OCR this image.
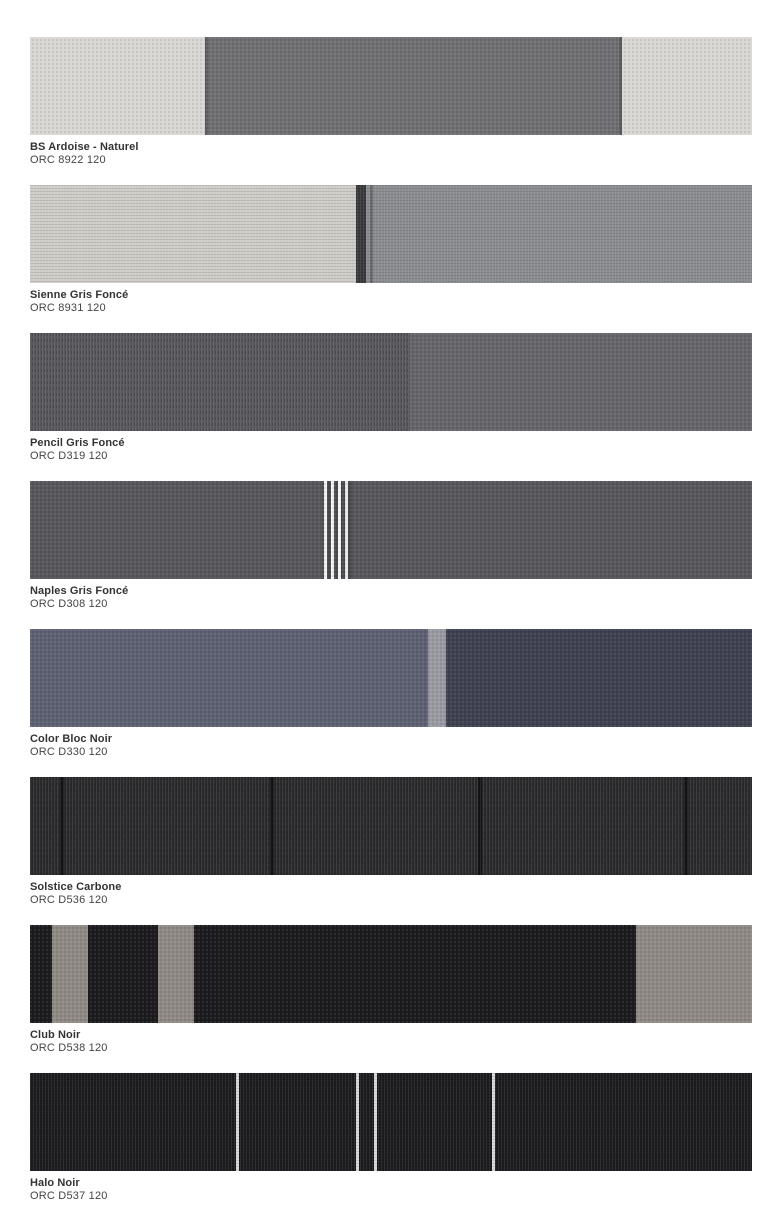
BS Ardoise - Naturel
ORC 8922 120
Sienne Gris Foncé
ORC 8931 120
Pencil Gris Foncé
ORC D319 120
Naples Gris Foncé
ORC D308 120
Color Bloc Noir
ORC D330 120
Solstice Carbone
ORC D536 120
Club Noir
ORC D538 120
Halo Noir
ORC D537 120
